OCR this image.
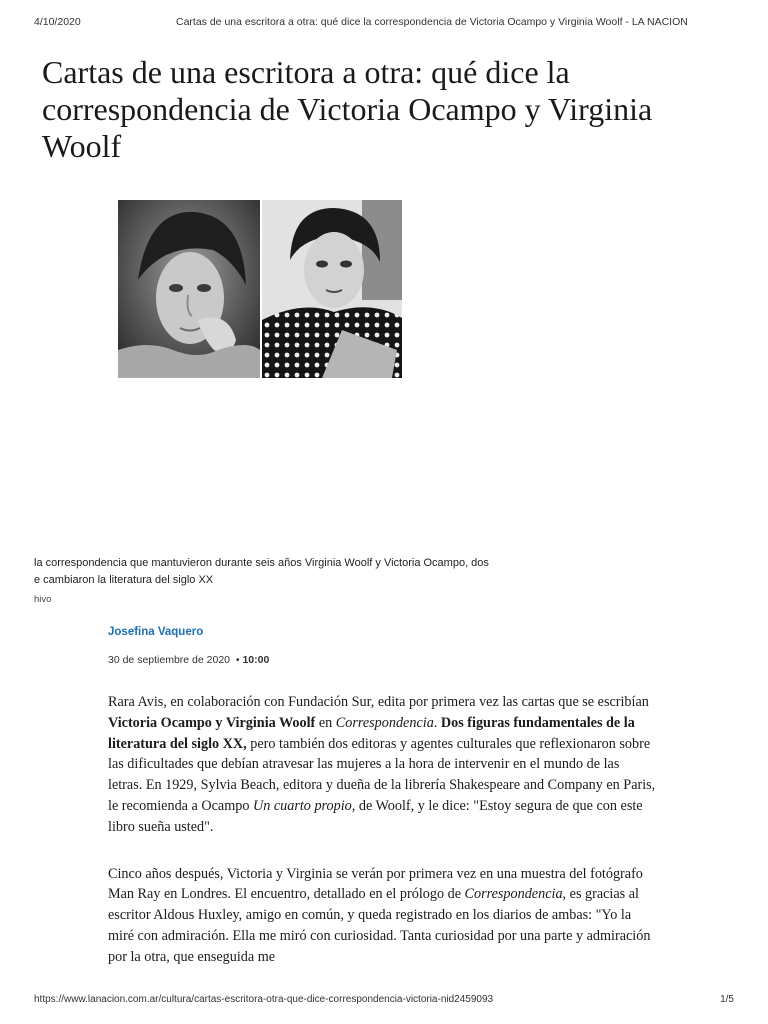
4/10/2020	Cartas de una escritora a otra: qué dice la correspondencia de Victoria Ocampo y Virginia Woolf - LA NACION
Cartas de una escritora a otra: qué dice la correspondencia de Victoria Ocampo y Virginia Woolf
la correspondencia que mantuvieron durante seis años Virginia Woolf y Victoria Ocampo, dos
e cambiaron la literatura del siglo XX
hivo
Josefina Vaquero
30 de septiembre de 2020  • 10:00

Rara Avis, en colaboración con Fundación Sur, edita por primera vez las cartas que se escribían Victoria Ocampo y Virginia Woolf en Correspondencia. Dos figuras fundamentales de la literatura del siglo XX, pero también dos editoras y agentes culturales que reflexionaron sobre las dificultades que debían atravesar las mujeres a la hora de intervenir en el mundo de las letras. En 1929, Sylvia Beach, editora y dueña de la librería Shakespeare and Company en Paris, le recomienda a Ocampo Un cuarto propio, de Woolf, y le dice: "Estoy segura de que con este libro sueña usted".

Cinco años después, Victoria y Virginia se verán por primera vez en una muestra del fotógrafo Man Ray en Londres. El encuentro, detallado en el prólogo de Correspondencia, es gracias al escritor Aldous Huxley, amigo en común, y queda registrado en los diarios de ambas: "Yo la miré con admiración. Ella me miró con curiosidad. Tanta curiosidad por una parte y admiración por la otra, que enseguida me

https://www.lanacion.com.ar/cultura/cartas-escritora-otra-que-dice-correspondencia-victoria-nid2459093	1/5
